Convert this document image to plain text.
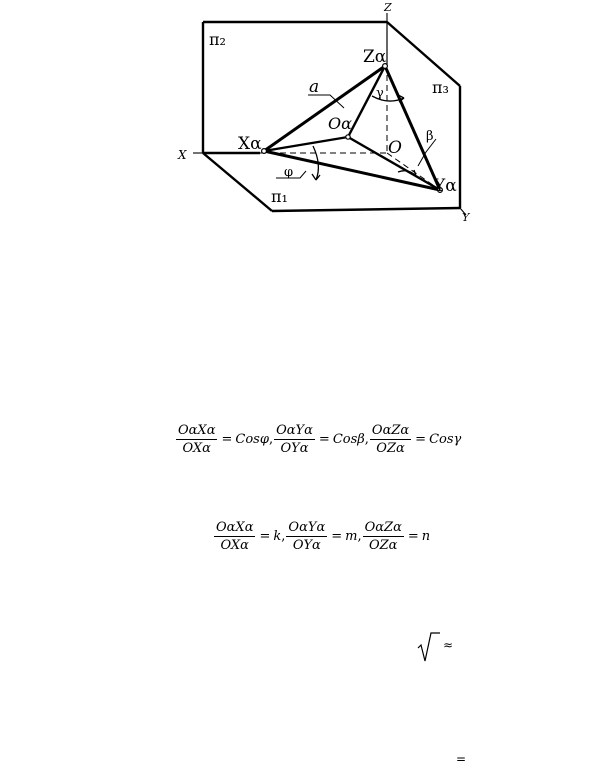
Z
X
Y
π₂
π₃
π₁
Zα
Xα
Yα
Oα
O
a	γ
β
φ
$\frac{\text{OαXα}}{\text{OXα}} = Cos\varphi$ , $\frac{\text{OαYα}}{\text{OYα}} = Cos\beta$ , $\frac{\text{OαZα}}{\text{OZα}} = Cos\gamma$
$\frac{\text{OαXα}}{\text{OXα}} = k$ , $\frac{\text{OαYα}}{\text{OYα}} = m$ , $\frac{\text{OαZα}}{\text{OZα}} = n$
≈
=
